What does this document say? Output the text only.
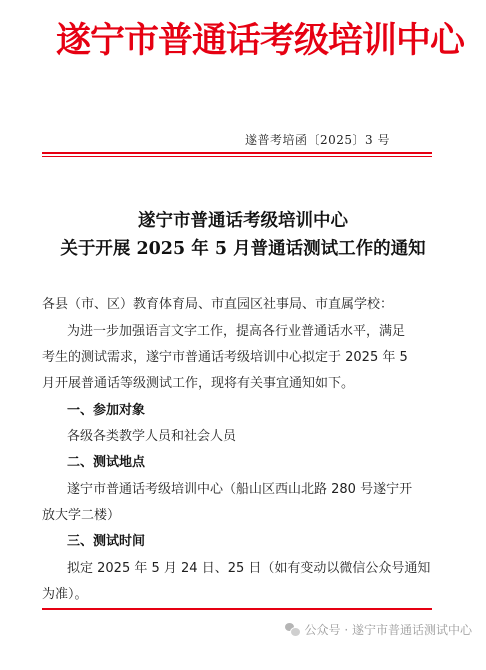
遂宁市普通话考级培训中心
遂普考培函〔2025〕3 号
遂宁市普通话考级培训中心
关于开展 2025 年 5 月普通话测试工作的通知
各县（市、区）教育体育局、市直园区社事局、市直属学校：
为进一步加强语言文字工作，提高各行业普通话水平，满足
考生的测试需求，遂宁市普通话考级培训中心拟定于 2025 年 5
月开展普通话等级测试工作，现将有关事宜通知如下。
一、参加对象
各级各类教学人员和社会人员
二、测试地点
遂宁市普通话考级培训中心（船山区西山北路 280 号遂宁开
放大学二楼）
三、测试时间
拟定 2025 年 5 月 24 日、25 日（如有变动以微信公众号通知
为准）。
公众号 · 遂宁市普通话测试中心
